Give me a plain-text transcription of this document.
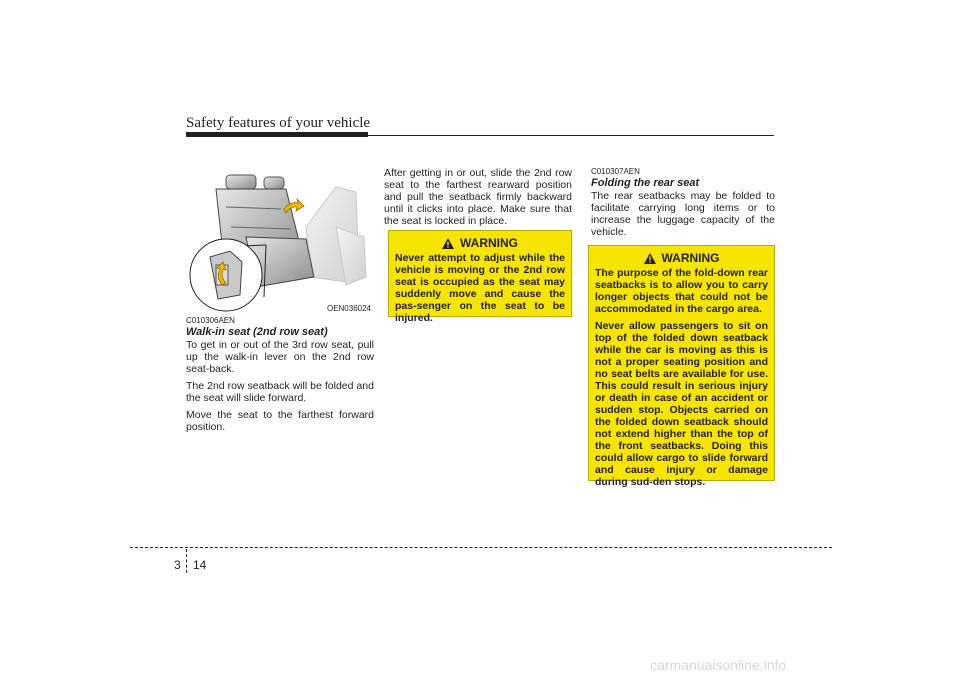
Safety features of your vehicle
OEN036024

C010306AEN

Walk-in seat (2nd row seat)

To get in or out of the 3rd row seat, pull up the walk-in lever on the 2nd row seat-back.

The 2nd row seatback will be folded and the seat will slide forward.

Move the seat to the farthest forward position.

After getting in or out, slide the 2nd row seat to the farthest rearward position and pull the seatback firmly backward until it clicks into place. Make sure that the seat is locked in place.

WARNING

Never attempt to adjust while the vehicle is moving or the 2nd row seat is occupied as the seat may suddenly move and cause the pas-senger on the seat to be injured.

C010307AEN

Folding the rear seat

The rear seatbacks may be folded to facilitate carrying long items or to increase the luggage capacity of the vehicle.

WARNING

The purpose of the fold-down rear seatbacks is to allow you to carry longer objects that could not be accommodated in the cargo area.

Never allow passengers to sit on top of the folded down seatback while the car is moving as this is not a proper seating position and no seat belts are available for use. This could result in serious injury or death in case of an accident or sudden stop. Objects carried on the folded down seatback should not extend higher than the top of the front seatbacks. Doing this could allow cargo to slide forward and cause injury or damage during sud-den stops.

3 14
carmanualsonline.info
